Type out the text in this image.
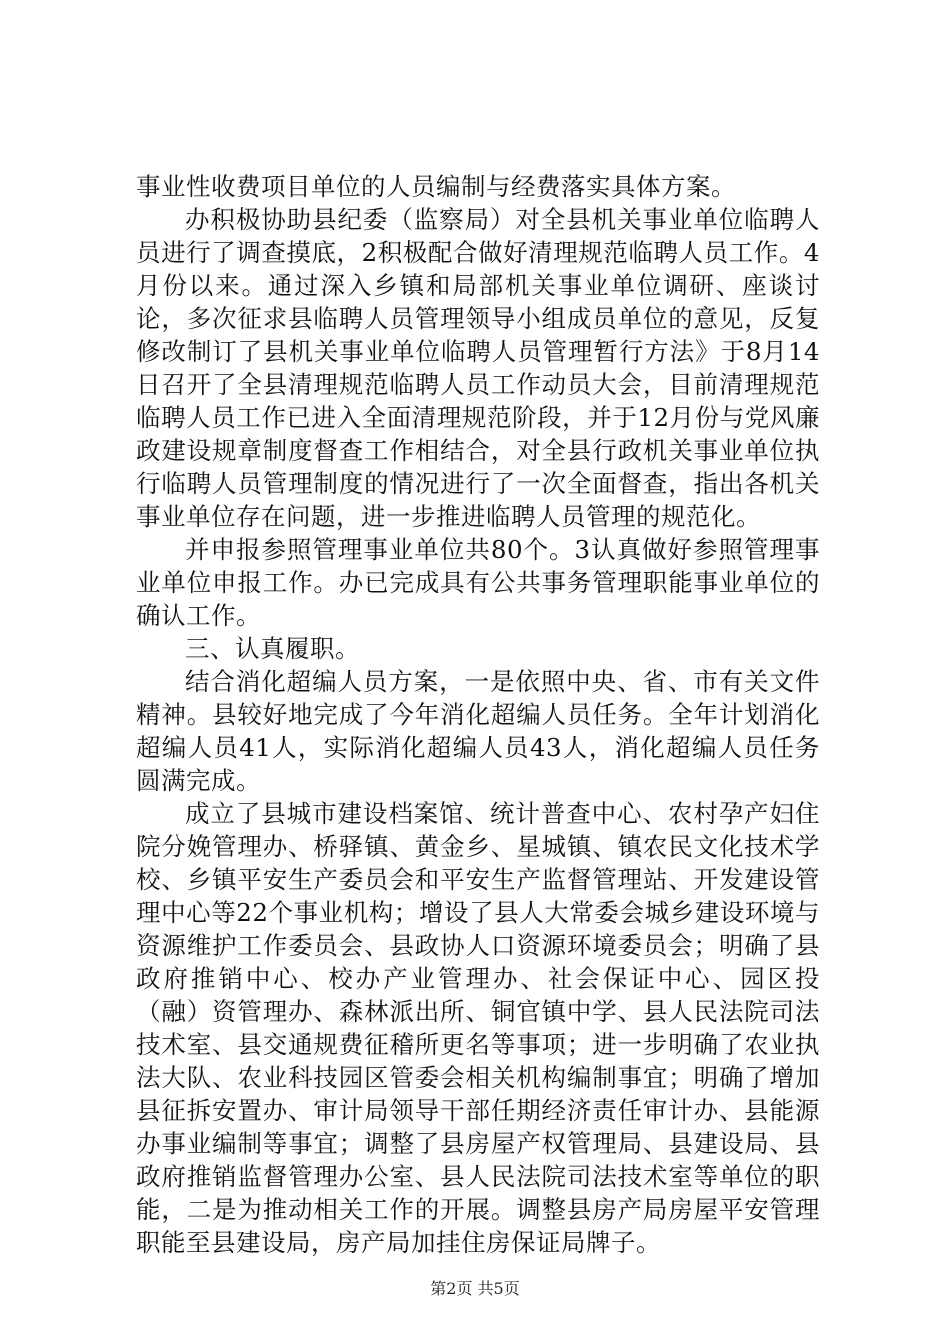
事业性收费项目单位的人员编制与经费落实具体方案。

办积极协助县纪委（监察局）对全县机关事业单位临聘人员进行了调查摸底，2积极配合做好清理规范临聘人员工作。4月份以来。通过深入乡镇和局部机关事业单位调研、座谈讨论，多次征求县临聘人员管理领导小组成员单位的意见，反复修改制订了县机关事业单位临聘人员管理暂行方法》于8月14日召开了全县清理规范临聘人员工作动员大会，目前清理规范临聘人员工作已进入全面清理规范阶段，并于12月份与党风廉政建设规章制度督查工作相结合，对全县行政机关事业单位执行临聘人员管理制度的情况进行了一次全面督查，指出各机关事业单位存在问题，进一步推进临聘人员管理的规范化。

并申报参照管理事业单位共80个。3认真做好参照管理事业单位申报工作。办已完成具有公共事务管理职能事业单位的确认工作。

三、认真履职。

结合消化超编人员方案，一是依照中央、省、市有关文件精神。县较好地完成了今年消化超编人员任务。全年计划消化超编人员41人，实际消化超编人员43人，消化超编人员任务圆满完成。

成立了县城市建设档案馆、统计普查中心、农村孕产妇住院分娩管理办、桥驿镇、黄金乡、星城镇、镇农民文化技术学校、乡镇平安生产委员会和平安生产监督管理站、开发建设管理中心等22个事业机构；增设了县人大常委会城乡建设环境与资源维护工作委员会、县政协人口资源环境委员会；明确了县政府推销中心、校办产业管理办、社会保证中心、园区投（融）资管理办、森林派出所、铜官镇中学、县人民法院司法技术室、县交通规费征稽所更名等事项；进一步明确了农业执法大队、农业科技园区管委会相关机构编制事宜；明确了增加县征拆安置办、审计局领导干部任期经济责任审计办、县能源办事业编制等事宜；调整了县房屋产权管理局、县建设局、县政府推销监督管理办公室、县人民法院司法技术室等单位的职能，二是为推动相关工作的开展。调整县房产局房屋平安管理职能至县建设局，房产局加挂住房保证局牌子。

第2页 共5页
